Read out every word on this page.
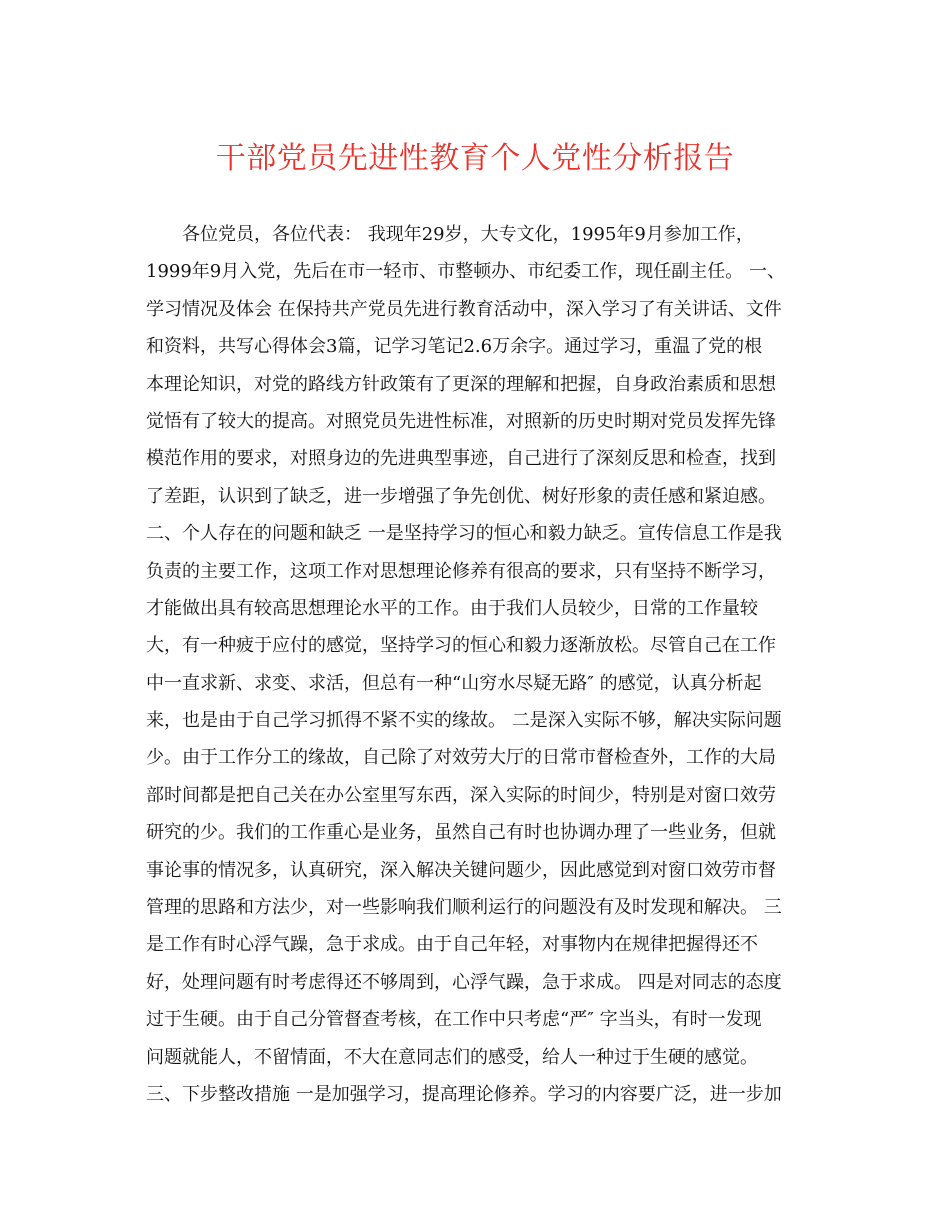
干部党员先进性教育个人党性分析报告
各位党员，各位代表： 我现年29岁，大专文化，1995年9月参加工作，
1999年9月入党，先后在市一轻市、市整顿办、市纪委工作，现任副主任。 一、
学习情况及体会 在保持共产党员先进行教育活动中，深入学习了有关讲话、文件
和资料，共写心得体会3篇，记学习笔记2.6万余字。通过学习，重温了党的根
本理论知识，对党的路线方针政策有了更深的理解和把握，自身政治素质和思想
觉悟有了较大的提高。对照党员先进性标准，对照新的历史时期对党员发挥先锋
模范作用的要求，对照身边的先进典型事迹，自己进行了深刻反思和检查，找到
了差距，认识到了缺乏，进一步增强了争先创优、树好形象的责任感和紧迫感。
二、个人存在的问题和缺乏 一是坚持学习的恒心和毅力缺乏。宣传信息工作是我
负责的主要工作，这项工作对思想理论修养有很高的要求，只有坚持不断学习，
才能做出具有较高思想理论水平的工作。由于我们人员较少，日常的工作量较
大，有一种疲于应付的感觉，坚持学习的恒心和毅力逐渐放松。尽管自己在工作
中一直求新、求变、求活，但总有一种“山穷水尽疑无路″ 的感觉，认真分析起
来，也是由于自己学习抓得不紧不实的缘故。 二是深入实际不够，解决实际问题
少。由于工作分工的缘故，自己除了对效劳大厅的日常市督检查外，工作的大局
部时间都是把自己关在办公室里写东西，深入实际的时间少，特别是对窗口效劳
研究的少。我们的工作重心是业务，虽然自己有时也协调办理了一些业务，但就
事论事的情况多，认真研究，深入解决关键问题少，因此感觉到对窗口效劳市督
管理的思路和方法少，对一些影响我们顺利运行的问题没有及时发现和解决。 三
是工作有时心浮气躁，急于求成。由于自己年轻，对事物内在规律把握得还不
好，处理问题有时考虑得还不够周到，心浮气躁，急于求成。 四是对同志的态度
过于生硬。由于自己分管督查考核，在工作中只考虑“严″ 字当头，有时一发现
问题就能人，不留情面，不大在意同志们的感受，给人一种过于生硬的感觉。
三、下步整改措施 一是加强学习，提高理论修养。学习的内容要广泛，进一步加
